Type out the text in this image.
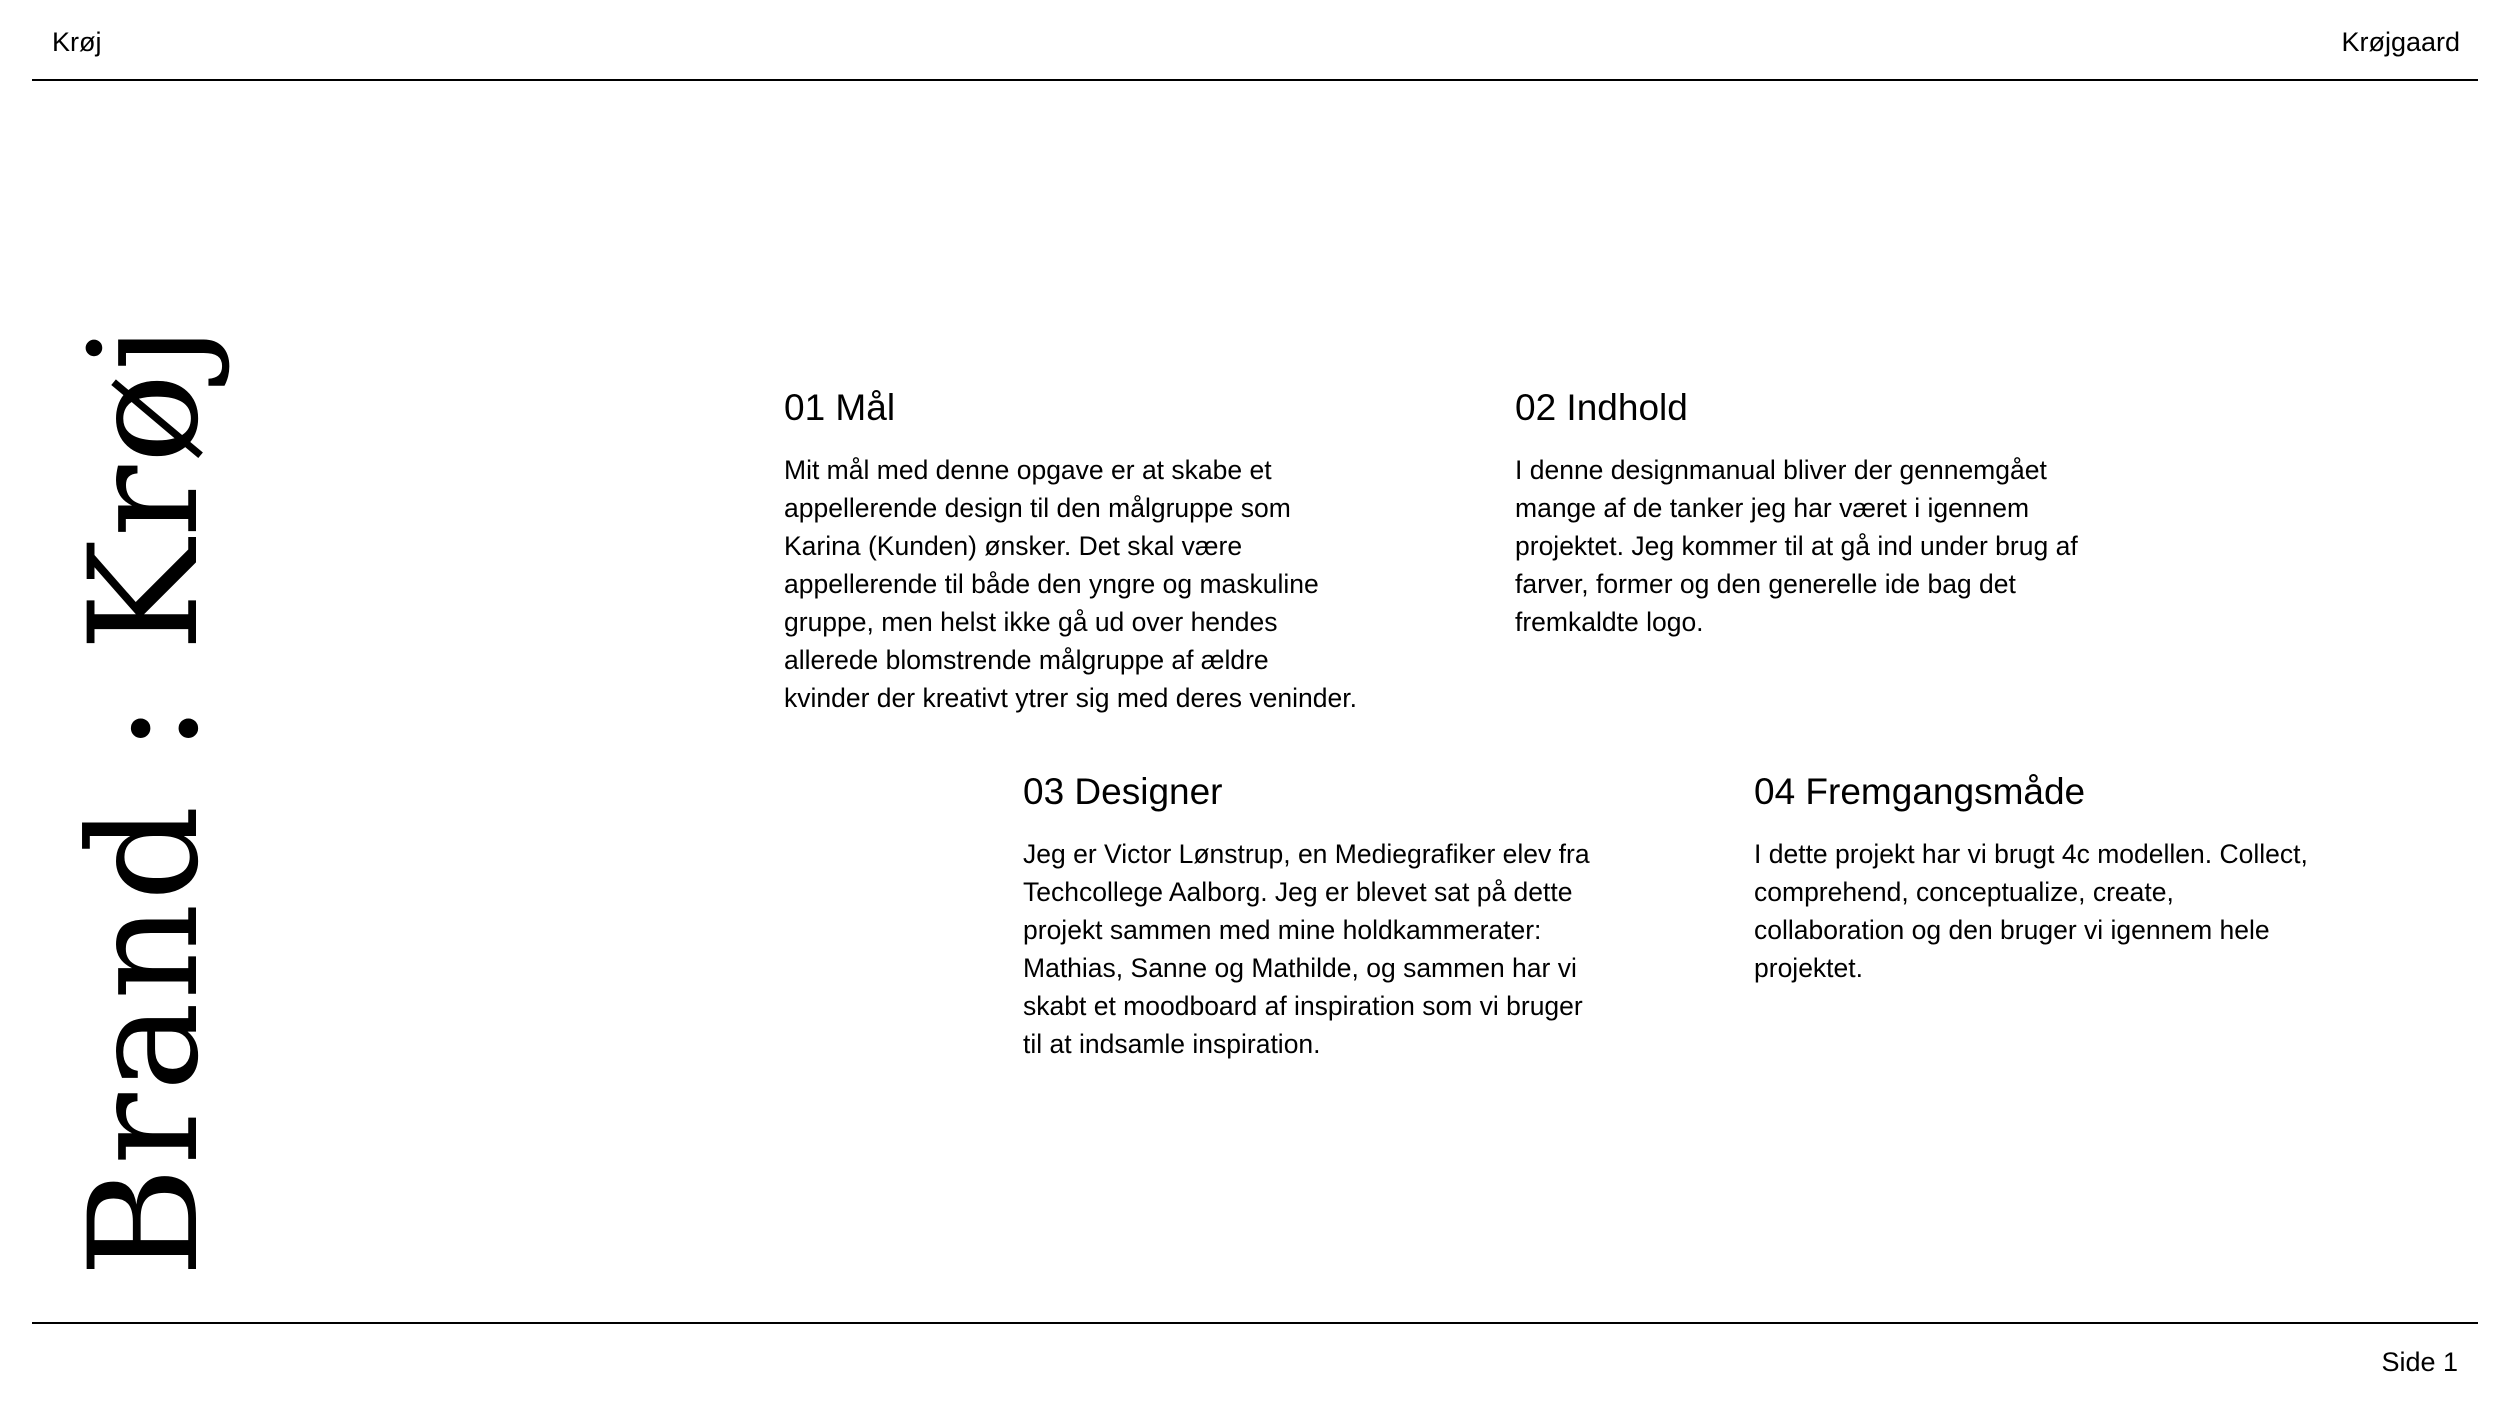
Krøj	Krøjgaard
Brand : Krøj	01 Mål

Mit mål med denne opgave er at skabe et
appellerende design til den målgruppe som
Karina (Kunden) ønsker. Det skal være
appellerende til både den yngre og maskuline
gruppe, men helst ikke gå ud over hendes
allerede blomstrende målgruppe af ældre
kvinder der kreativt ytrer sig med deres veninder.

02 Indhold

I denne designmanual bliver der gennemgået
mange af de tanker jeg har været i igennem
projektet. Jeg kommer til at gå ind under brug af
farver, former og den generelle ide bag det
fremkaldte logo.

03 Designer

Jeg er Victor Lønstrup, en Mediegrafiker elev fra
Techcollege Aalborg. Jeg er blevet sat på dette
projekt sammen med mine holdkammerater:
Mathias, Sanne og Mathilde, og sammen har vi
skabt et moodboard af inspiration som vi bruger
til at indsamle inspiration.

04 Fremgangsmåde

I dette projekt har vi brugt 4c modellen. Collect,
comprehend, conceptualize, create,
collaboration og den bruger vi igennem hele
projektet.

Side 1
